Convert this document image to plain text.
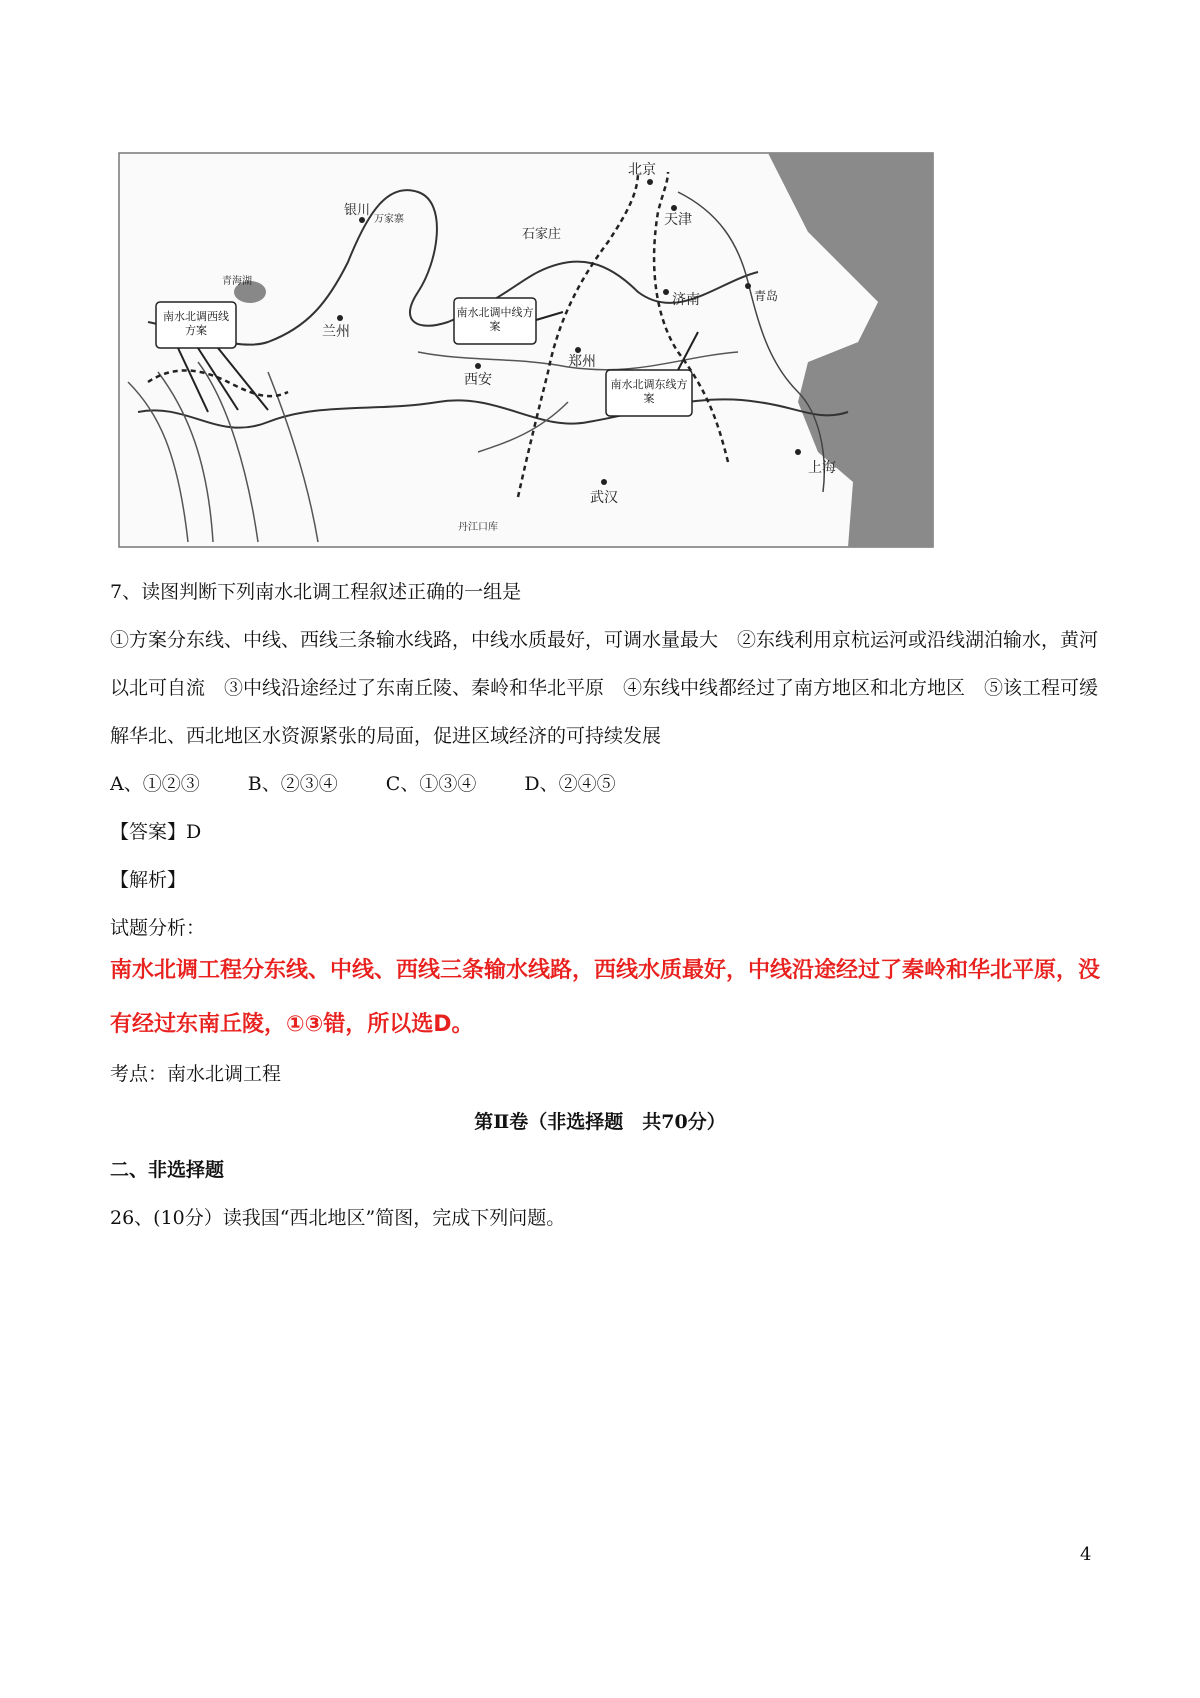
北京
天津
济南	青岛
银川
兰州
西安
郑州
武汉
上海
青海湖
石家庄
万家寨
丹江口库
南水北调西线方案
南水北调中线方案
南水北调东线方案
7、读图判断下列南水北调工程叙述正确的一组是
①方案分东线、中线、西线三条输水线路，中线水质最好，可调水量最大　②东线利用京杭运河或沿线湖泊输水，黄河以北可自流　③中线沿途经过了东南丘陵、秦岭和华北平原　④东线中线都经过了南方地区和北方地区　⑤该工程可缓解华北、西北地区水资源紧张的局面，促进区域经济的可持续发展
A、①②③	B、②③④	C、①③④	D、②④⑤
【答案】D
【解析】
试题分析：
南水北调工程分东线、中线、西线三条输水线路，西线水质最好，中线沿途经过了秦岭和华北平原，没有经过东南丘陵，①③错，所以选D。
考点：南水北调工程
第Ⅱ卷（非选择题　共70分）
二、非选择题
26、(10分）读我国“西北地区”简图，完成下列问题。
4
